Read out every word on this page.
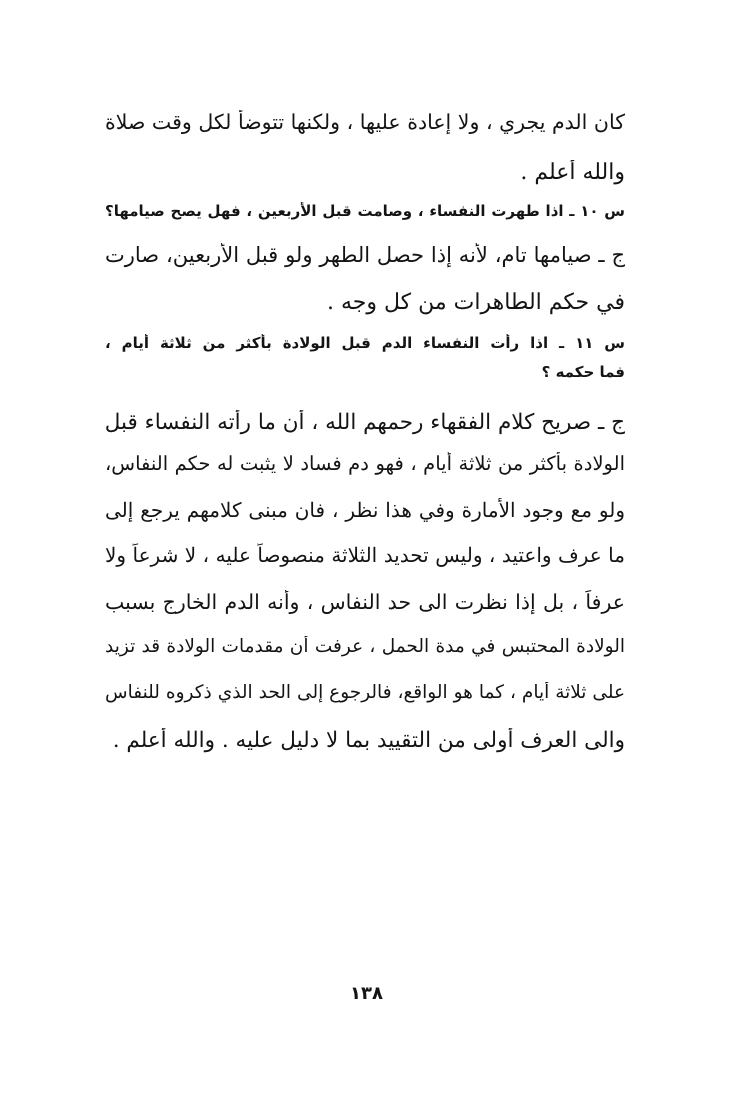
كان الدم يجري ، ولا إعادة عليها ، ولكنها تتوضأ لكل وقت صلاة
والله أعلم .
س ١٠ ـ اذا طهرت النفساء ، وصامت قبل الأربعين ، فهل يصح صيامها؟
ج ـ صيامها تام، لأنه إذا حصل الطهر ولو قبل الأربعين، صارت
في حكم الطاهرات من كل وجه .
س ١١ ـ اذا رأت النفساء الدم قبل الولادة بأكثر من ثلاثة أيام ،
فما حكمه ؟
ج ـ صريح كلام الفقهاء رحمهم الله ، أن ما رأته النفساء قبل
الولادة بأكثر من ثلاثة أيام ، فهو دم فساد لا يثبت له حكم النفاس،
ولو مع وجود الأمارة وفي هذا نظر ، فان مبنى كلامهم يرجع إلى
ما عرف واعتيد ، وليس تحديد الثلاثة منصوصاً عليه ، لا شرعاً ولا
عرفاً ، بل إذا نظرت الى حد النفاس ، وأنه الدم الخارج بسبب
الولادة المحتبس في مدة الحمل ، عرفت أن مقدمات الولادة قد تزيد
على ثلاثة أيام ، كما هو الواقع، فالرجوع إلى الحد الذي ذكروه للنفاس
والى العرف أولى من التقييد بما لا دليل عليه . والله أعلم .
١٣٨
